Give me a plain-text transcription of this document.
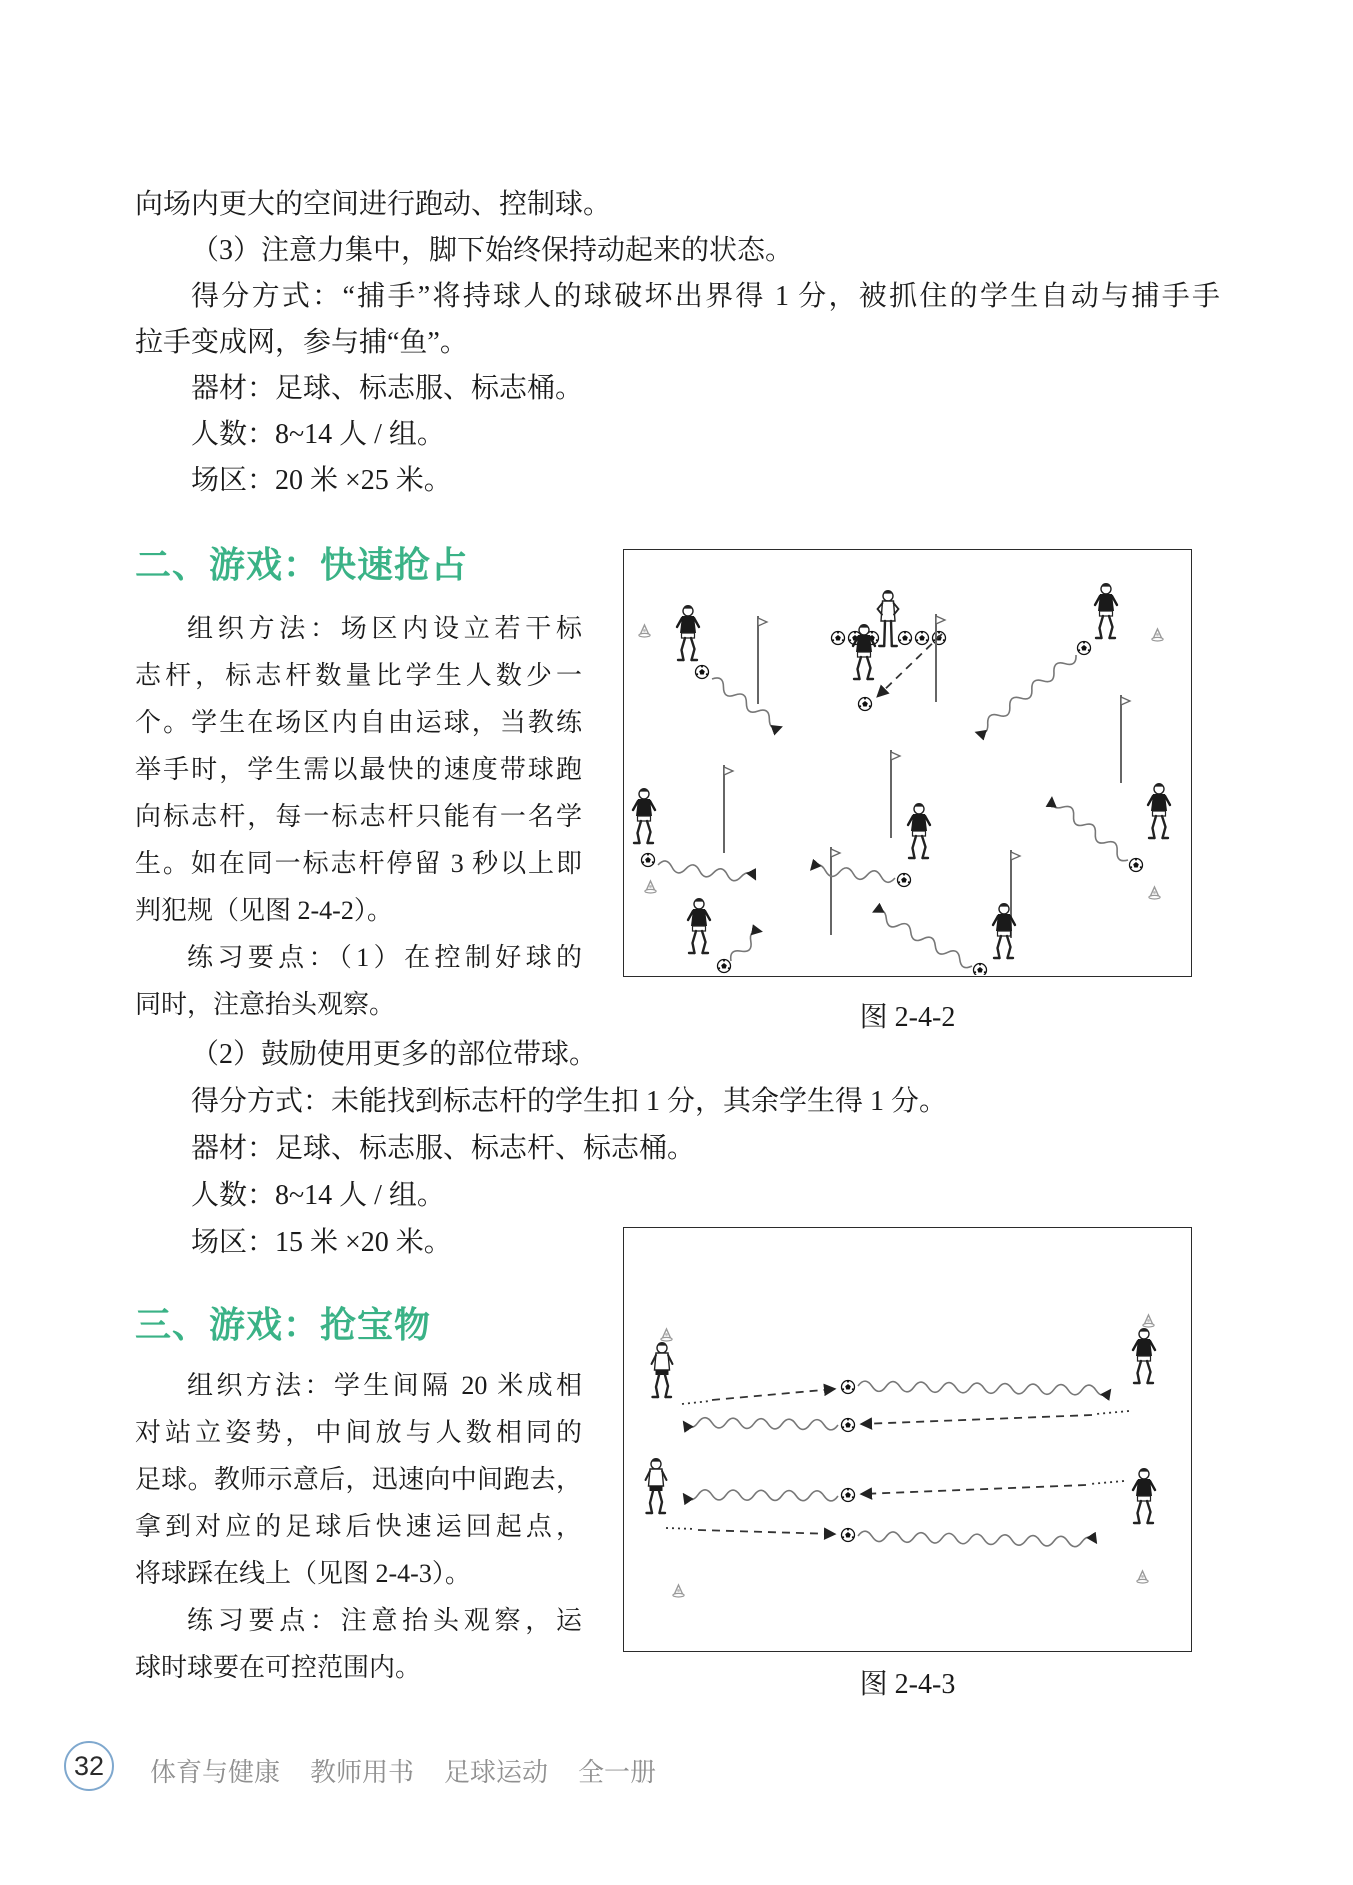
向场内更大的空间进行跑动、控制球。
（3）注意力集中，脚下始终保持动起来的状态。
得分方式：“捕手”将持球人的球破坏出界得 1 分，被抓住的学生自动与捕手手
拉手变成网，参与捕“鱼”。
器材：足球、标志服、标志桶。
人数：8~14 人 / 组。
场区：20 米 ×25 米。
二、游戏：快速抢占
组织方法：场区内设立若干标
志杆，标志杆数量比学生人数少一
个。学生在场区内自由运球，当教练
举手时，学生需以最快的速度带球跑
向标志杆，每一标志杆只能有一名学
生。如在同一标志杆停留 3 秒以上即
判犯规（见图 2-4-2）。
练习要点：（1）在控制好球的
同时，注意抬头观察。	图 2-4-2
（2）鼓励使用更多的部位带球。
得分方式：未能找到标志杆的学生扣 1 分，其余学生得 1 分。
器材：足球、标志服、标志杆、标志桶。
人数：8~14 人 / 组。
场区：15 米 ×20 米。
三、游戏：抢宝物
组织方法：学生间隔 20 米成相
对站立姿势，中间放与人数相同的
足球。教师示意后，迅速向中间跑去，
拿到对应的足球后快速运回起点，
将球踩在线上（见图 2-4-3）。
练习要点：注意抬头观察，运
球时球要在可控范围内。
图 2-4-3
32 体育与健康 教师用书 足球运动 全一册
